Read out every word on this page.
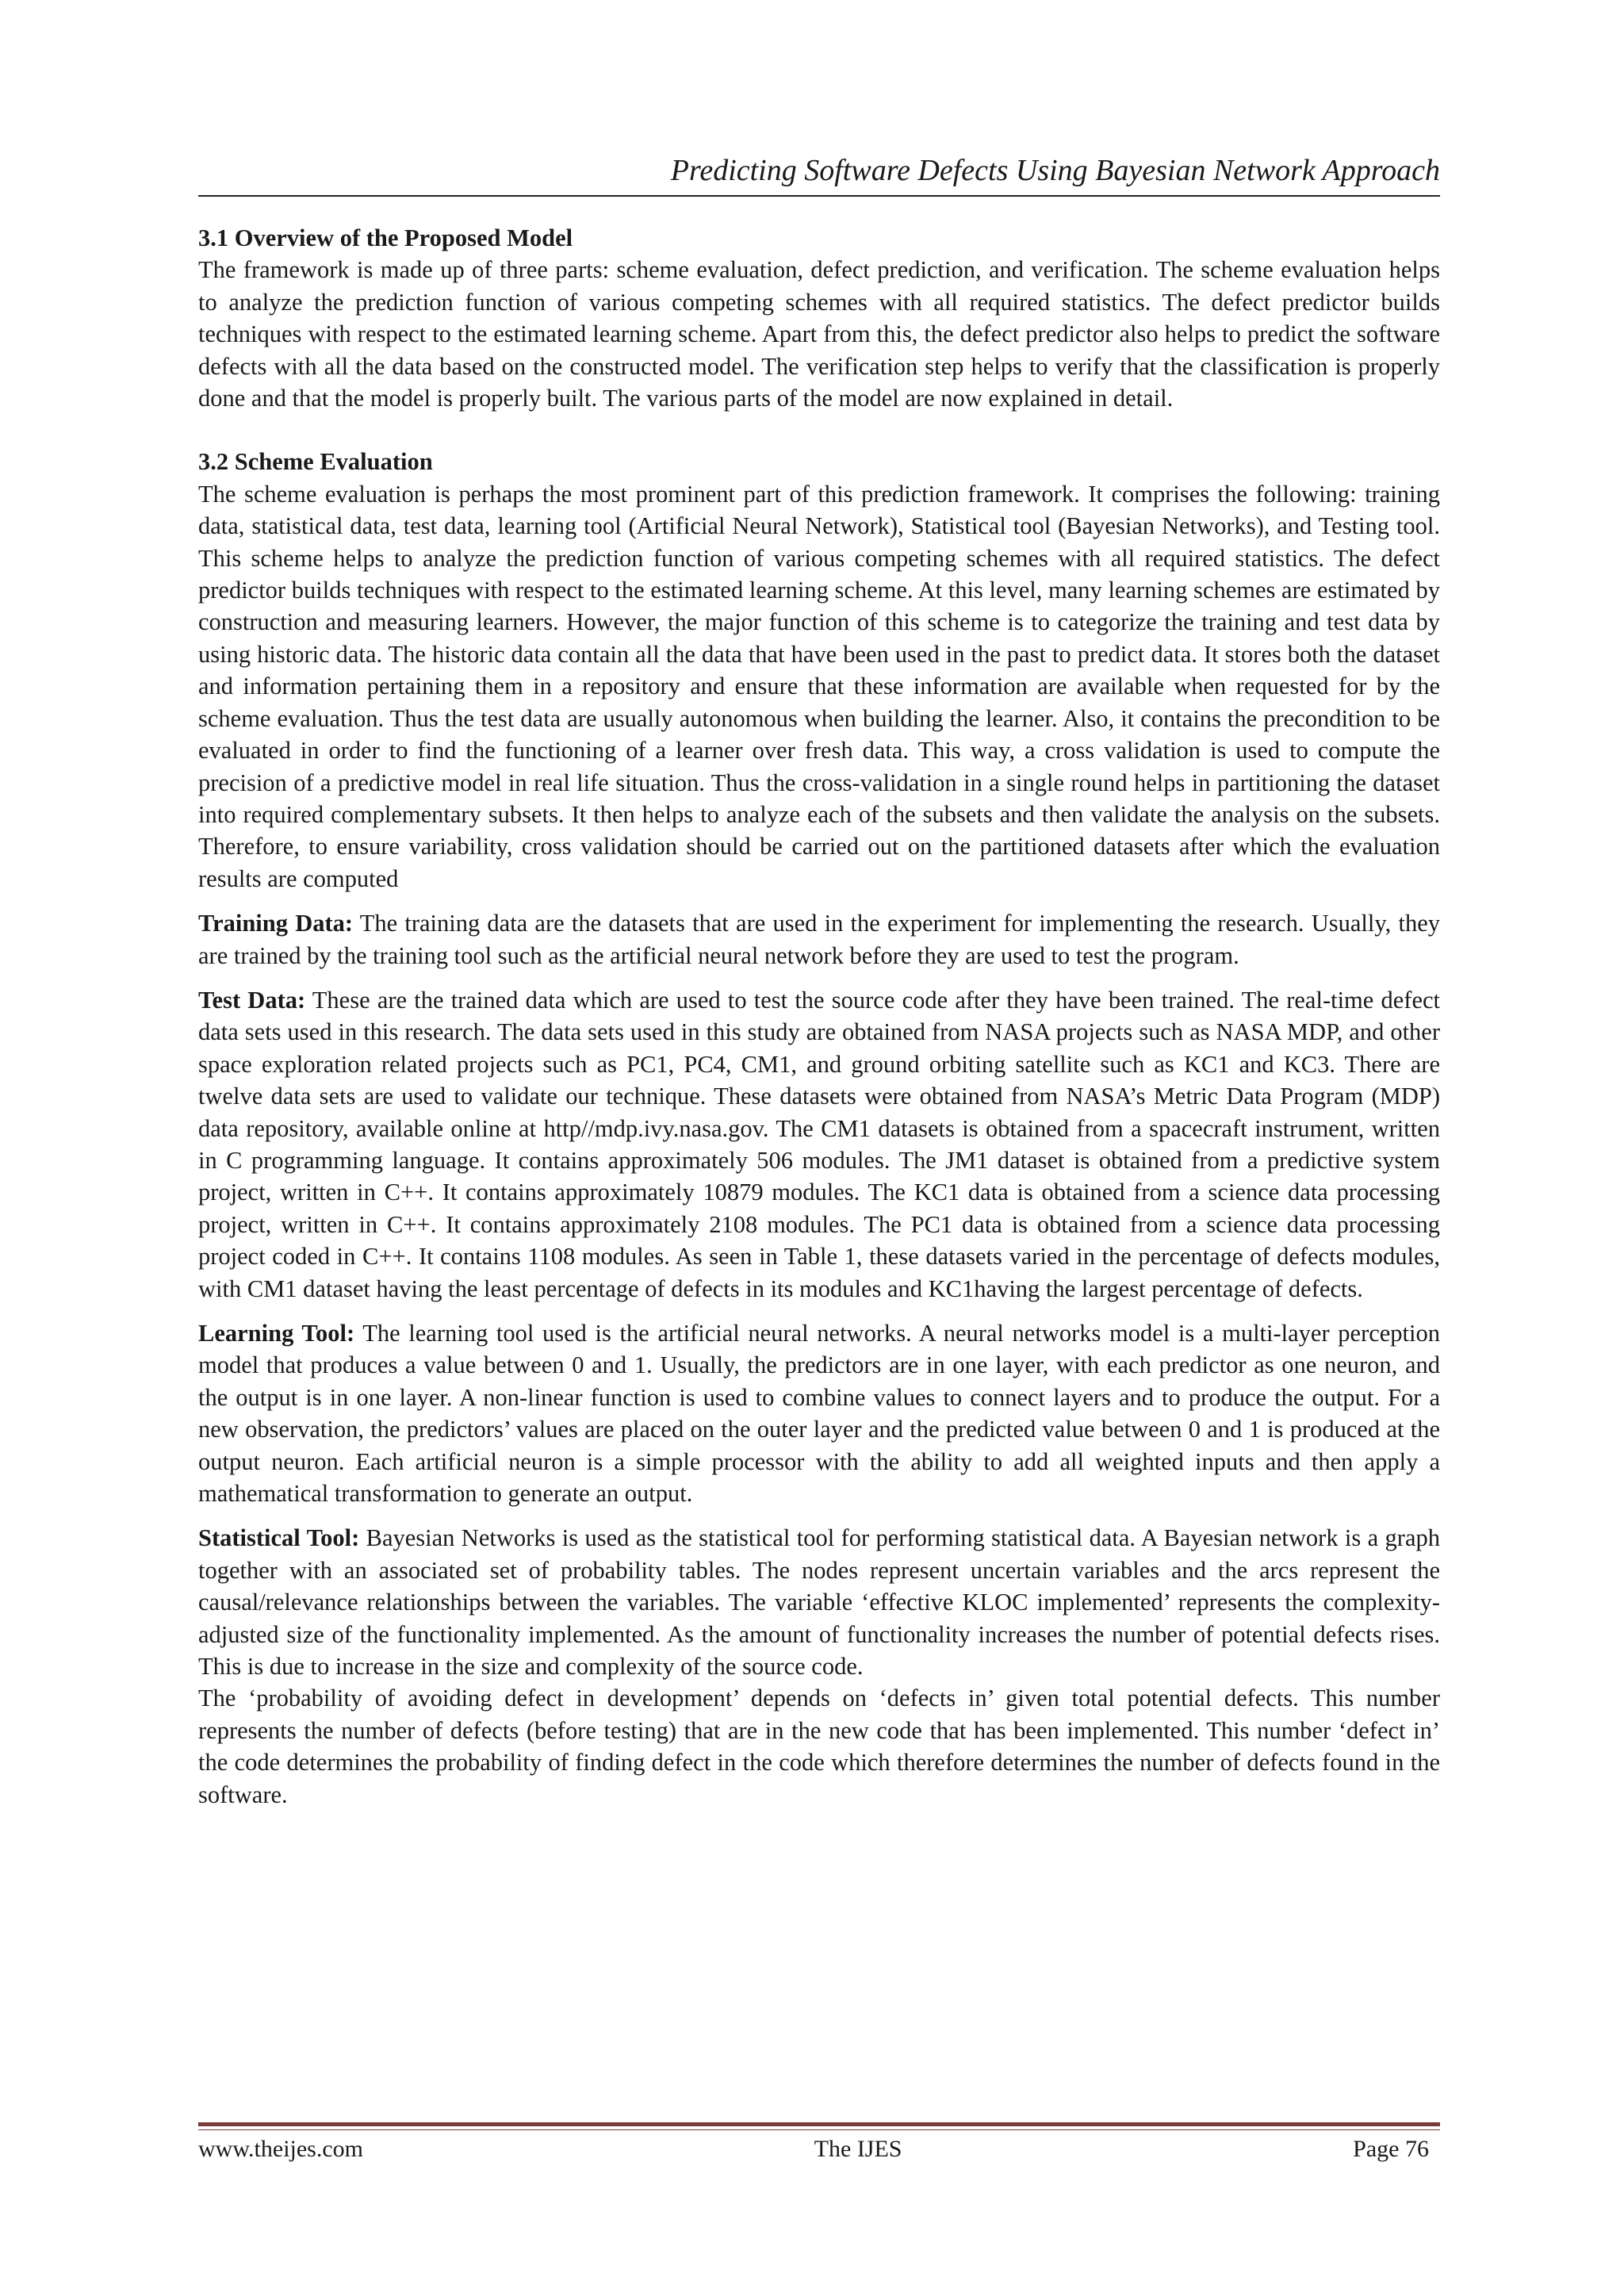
Predicting Software Defects Using Bayesian Network Approach

3.1 Overview of the Proposed Model

The framework is made up of three parts: scheme evaluation, defect prediction, and verification. The scheme evaluation helps to analyze the prediction function of various competing schemes with all required statistics. The defect predictor builds techniques with respect to the estimated learning scheme. Apart from this, the defect predictor also helps to predict the software defects with all the data based on the constructed model. The verification step helps to verify that the classification is properly done and that the model is properly built. The various parts of the model are now explained in detail.

3.2 Scheme Evaluation

The scheme evaluation is perhaps the most prominent part of this prediction framework. It comprises the following: training data, statistical data, test data, learning tool (Artificial Neural Network), Statistical tool (Bayesian Networks), and Testing tool. This scheme helps to analyze the prediction function of various competing schemes with all required statistics. The defect predictor builds techniques with respect to the estimated learning scheme. At this level, many learning schemes are estimated by construction and measuring learners. However, the major function of this scheme is to categorize the training and test data by using historic data. The historic data contain all the data that have been used in the past to predict data. It stores both the dataset and information pertaining them in a repository and ensure that these information are available when requested for by the scheme evaluation. Thus the test data are usually autonomous when building the learner. Also, it contains the precondition to be evaluated in order to find the functioning of a learner over fresh data. This way, a cross validation is used to compute the precision of a predictive model in real life situation. Thus the cross-validation in a single round helps in partitioning the dataset into required complementary subsets. It then helps to analyze each of the subsets and then validate the analysis on the subsets. Therefore, to ensure variability, cross validation should be carried out on the partitioned datasets after which the evaluation results are computed

Training Data: The training data are the datasets that are used in the experiment for implementing the research. Usually, they are trained by the training tool such as the artificial neural network before they are used to test the program.

Test Data: These are the trained data which are used to test the source code after they have been trained. The real-time defect data sets used in this research. The data sets used in this study are obtained from NASA projects such as NASA MDP, and other space exploration related projects such as PC1, PC4, CM1, and ground orbiting satellite such as KC1 and KC3. There are twelve data sets are used to validate our technique. These datasets were obtained from NASA’s Metric Data Program (MDP) data repository, available online at http//mdp.ivy.nasa.gov. The CM1 datasets is obtained from a spacecraft instrument, written in C programming language. It contains approximately 506 modules. The JM1 dataset is obtained from a predictive system project, written in C++. It contains approximately 10879 modules. The KC1 data is obtained from a science data processing project, written in C++. It contains approximately 2108 modules. The PC1 data is obtained from a science data processing project coded in C++. It contains 1108 modules. As seen in Table 1, these datasets varied in the percentage of defects modules, with CM1 dataset having the least percentage of defects in its modules and KC1having the largest percentage of defects.

Learning Tool: The learning tool used is the artificial neural networks. A neural networks model is a multi-layer perception model that produces a value between 0 and 1. Usually, the predictors are in one layer, with each predictor as one neuron, and the output is in one layer. A non-linear function is used to combine values to connect layers and to produce the output. For a new observation, the predictors’ values are placed on the outer layer and the predicted value between 0 and 1 is produced at the output neuron. Each artificial neuron is a simple processor with the ability to add all weighted inputs and then apply a mathematical transformation to generate an output.

Statistical Tool: Bayesian Networks is used as the statistical tool for performing statistical data. A Bayesian network is a graph together with an associated set of probability tables. The nodes represent uncertain variables and the arcs represent the causal/relevance relationships between the variables. The variable ‘effective KLOC implemented’ represents the complexity-adjusted size of the functionality implemented. As the amount of functionality increases the number of potential defects rises. This is due to increase in the size and complexity of the source code.

The ‘probability of avoiding defect in development’ depends on ‘defects in’ given total potential defects. This number represents the number of defects (before testing) that are in the new code that has been implemented. This number ‘defect in’ the code determines the probability of finding defect in the code which therefore determines the number of defects found in the software.

www.theijes.com	The IJES	Page 76
